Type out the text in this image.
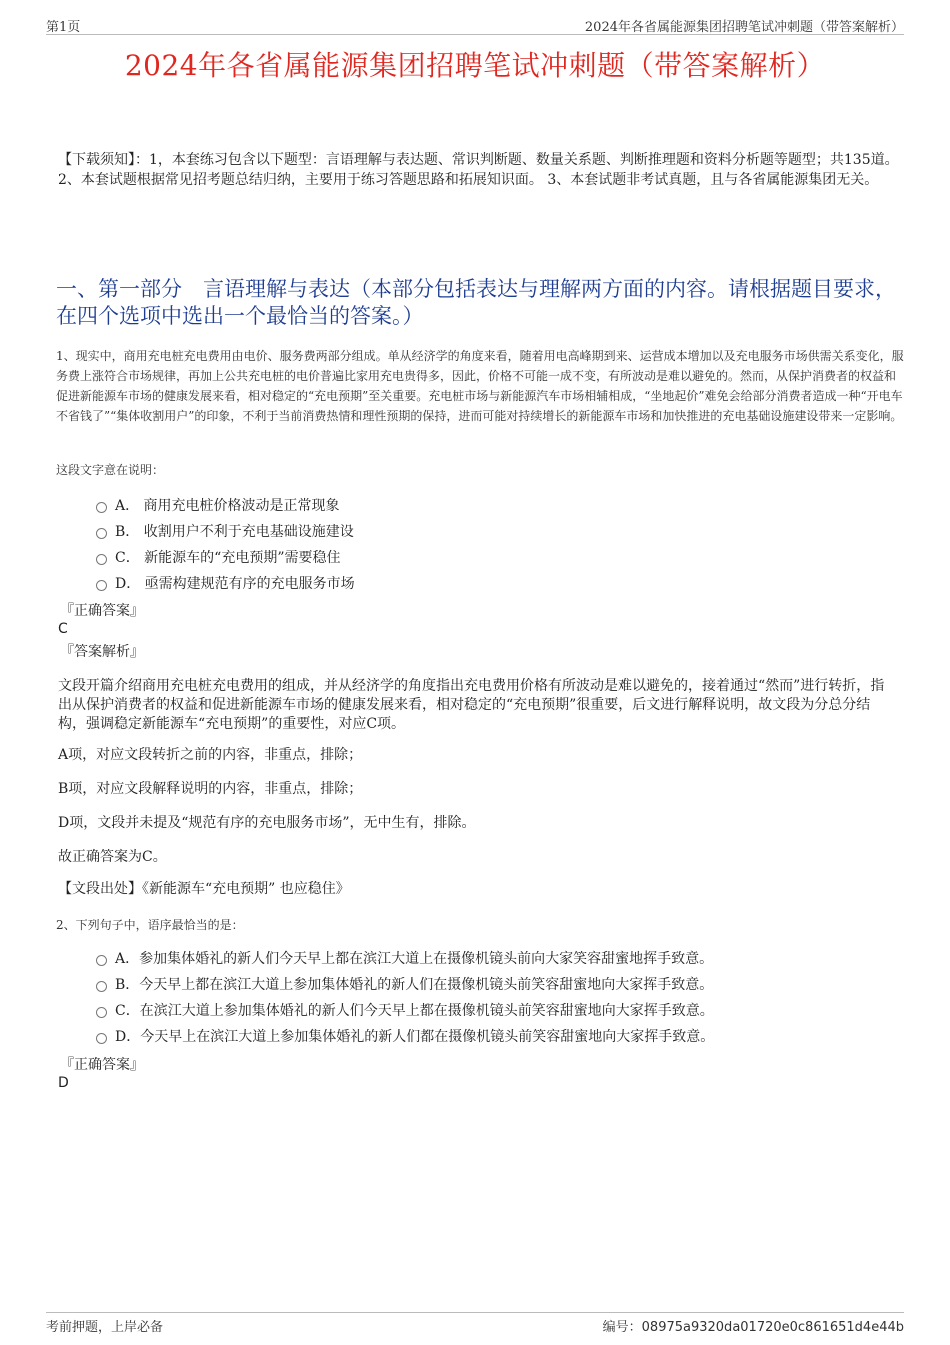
第1页	2024年各省属能源集团招聘笔试冲刺题（带答案解析）
2024年各省属能源集团招聘笔试冲刺题（带答案解析）
【下载须知】：1，本套练习包含以下题型：言语理解与表达题、常识判断题、数量关系题、判断推理题和资料分析题等题型；共135道。 2、本套试题根据常见招考题总结归纳，主要用于练习答题思路和拓展知识面。 3、本套试题非考试真题，且与各省属能源集团无关。
一、第一部分　言语理解与表达（本部分包括表达与理解两方面的内容。请根据题目要求，在四个选项中选出一个最恰当的答案。）
1、现实中，商用充电桩充电费用由电价、服务费两部分组成。单从经济学的角度来看，随着用电高峰期到来、运营成本增加以及充电服务市场供需关系变化，服务费上涨符合市场规律，再加上公共充电桩的电价普遍比家用充电贵得多，因此，价格不可能一成不变，有所波动是难以避免的。然而，从保护消费者的权益和促进新能源车市场的健康发展来看，相对稳定的“充电预期”至关重要。充电桩市场与新能源汽车市场相辅相成，“坐地起价”难免会给部分消费者造成一种“开电车不省钱了”“集体收割用户”的印象，不利于当前消费热情和理性预期的保持，进而可能对持续增长的新能源车市场和加快推进的充电基础设施建设带来一定影响。
这段文字意在说明：
A． 商用充电桩价格波动是正常现象
B． 收割用户不利于充电基础设施建设
C． 新能源车的“充电预期”需要稳住
D． 亟需构建规范有序的充电服务市场
『正确答案』
C
『答案解析』
文段开篇介绍商用充电桩充电费用的组成，并从经济学的角度指出充电费用价格有所波动是难以避免的，接着通过“然而”进行转折，指出从保护消费者的权益和促进新能源车市场的健康发展来看，相对稳定的“充电预期”很重要，后文进行解释说明，故文段为分总分结构，强调稳定新能源车“充电预期”的重要性，对应C项。
A项，对应文段转折之前的内容，非重点，排除；
B项，对应文段解释说明的内容，非重点，排除；
D项，文段并未提及“规范有序的充电服务市场”，无中生有，排除。
故正确答案为C。
【文段出处】《新能源车“充电预期” 也应稳住》
2、下列句子中，语序最恰当的是：
A．参加集体婚礼的新人们今天早上都在滨江大道上在摄像机镜头前向大家笑容甜蜜地挥手致意。
B．今天早上都在滨江大道上参加集体婚礼的新人们在摄像机镜头前笑容甜蜜地向大家挥手致意。
C．在滨江大道上参加集体婚礼的新人们今天早上都在摄像机镜头前笑容甜蜜地向大家挥手致意。
D．今天早上在滨江大道上参加集体婚礼的新人们都在摄像机镜头前笑容甜蜜地向大家挥手致意。
『正确答案』
D
考前押题，上岸必备	编号：08975a9320da01720e0c861651d4e44b
